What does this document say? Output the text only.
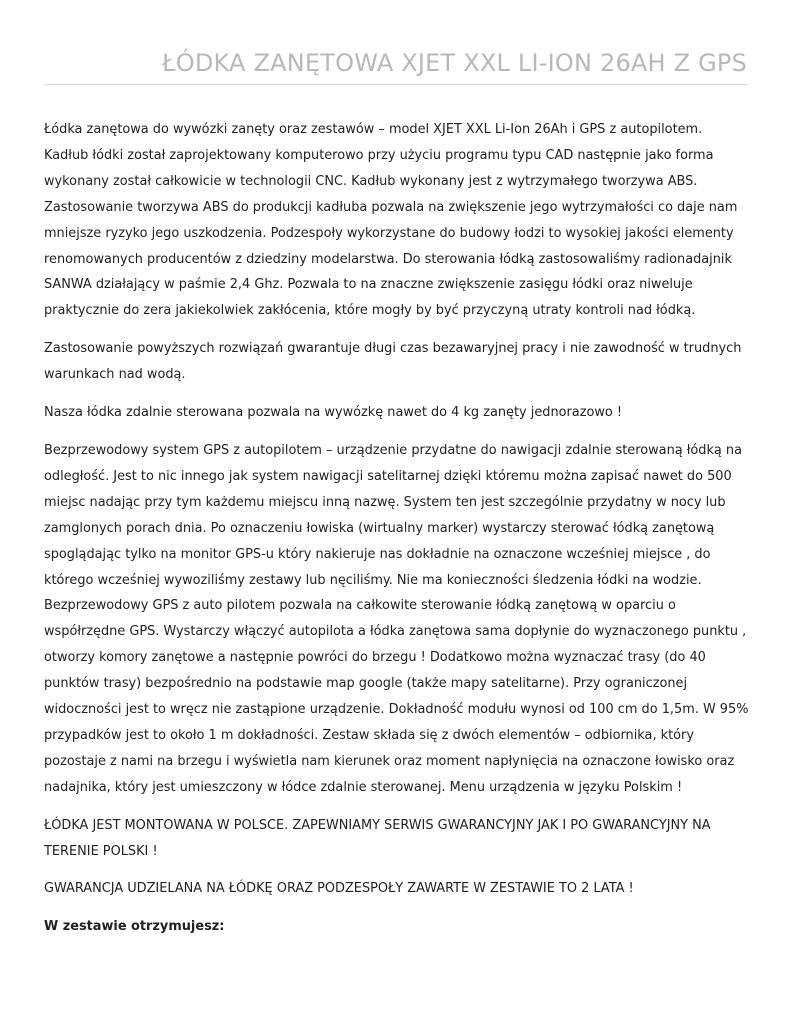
ŁÓDKA ZANĘTOWA XJET XXL LI-ION 26AH Z GPS

Łódka zanętowa do wywózki zanęty oraz zestawów – model XJET XXL Li-Ion 26Ah i GPS z autopilotem. Kadłub łódki został zaprojektowany komputerowo przy użyciu programu typu CAD następnie jako forma wykonany został całkowicie w technologii CNC. Kadłub wykonany jest z wytrzymałego tworzywa ABS. Zastosowanie tworzywa ABS do produkcji kadłuba pozwala na zwiększenie jego wytrzymałości co daje nam mniejsze ryzyko jego uszkodzenia. Podzespoły wykorzystane do budowy łodzi to wysokiej jakości elementy renomowanych producentów z dziedziny modelarstwa. Do sterowania łódką zastosowaliśmy radionadajnik SANWA działający w paśmie 2,4 Ghz. Pozwala to na znaczne zwiększenie zasięgu łódki oraz niweluje praktycznie do zera jakiekolwiek zakłócenia, które mogły by być przyczyną utraty kontroli nad łódką.

Zastosowanie powyższych rozwiązań gwarantuje długi czas bezawaryjnej pracy i nie zawodność w trudnych warunkach nad wodą.

Nasza łódka zdalnie sterowana pozwala na wywózkę nawet do 4 kg zanęty jednorazowo !

Bezprzewodowy system GPS z autopilotem – urządzenie przydatne do nawigacji zdalnie sterowaną łódką na odległość. Jest to nic innego jak system nawigacji satelitarnej dzięki któremu można zapisać nawet do 500 miejsc nadając przy tym każdemu miejscu inną nazwę. System ten jest szczególnie przydatny w nocy lub zamglonych porach dnia. Po oznaczeniu łowiska (wirtualny marker) wystarczy sterować łódką zanętową spoglądając tylko na monitor GPS-u który nakieruje nas dokładnie na oznaczone wcześniej miejsce , do którego wcześniej wywoziliśmy zestawy lub nęciliśmy. Nie ma konieczności śledzenia łódki na wodzie. Bezprzewodowy GPS z auto pilotem pozwala na całkowite sterowanie łódką zanętową w oparciu o współrzędne GPS. Wystarczy włączyć autopilota a łódka zanętowa sama dopłynie do wyznaczonego punktu , otworzy komory zanętowe a następnie powróci do brzegu ! Dodatkowo można wyznaczać trasy (do 40 punktów trasy) bezpośrednio na podstawie map google (także mapy satelitarne). Przy ograniczonej widoczności jest to wręcz nie zastąpione urządzenie. Dokładność modułu wynosi od 100 cm do 1,5m. W 95% przypadków jest to około 1 m dokładności. Zestaw składa się z dwóch elementów – odbiornika, który pozostaje z nami na brzegu i wyświetla nam kierunek oraz moment napłynięcia na oznaczone łowisko oraz nadajnika, który jest umieszczony w łódce zdalnie sterowanej. Menu urządzenia w języku Polskim !

ŁÓDKA JEST MONTOWANA W POLSCE. ZAPEWNIAMY SERWIS GWARANCYJNY JAK I PO GWARANCYJNY NA TERENIE POLSKI !

GWARANCJA UDZIELANA NA ŁÓDKĘ ORAZ PODZESPOŁY ZAWARTE W ZESTAWIE TO 2 LATA !

W zestawie otrzymujesz:
